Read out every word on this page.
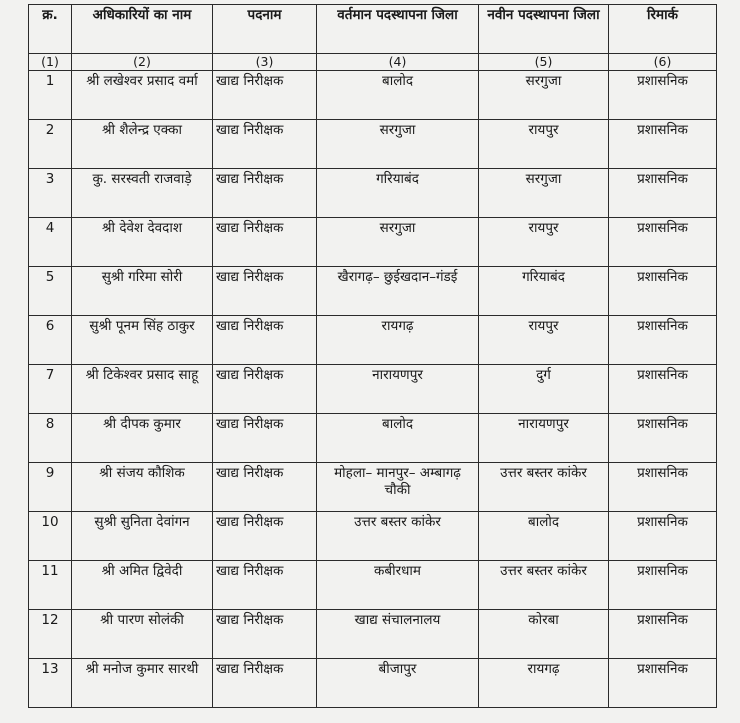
क्र.	अधिकारियों का नाम	पदनाम	वर्तमान पदस्थापना जिला	नवीन पदस्थापना जिला	रिमार्क
(1)	(2)	(3)	(4)	(5)	(6)
1	श्री लखेश्वर प्रसाद वर्मा	खाद्य निरीक्षक	बालोद	सरगुजा	प्रशासनिक
2	श्री शैलेन्द्र एक्का	खाद्य निरीक्षक	सरगुजा	रायपुर	प्रशासनिक
3	कु. सरस्वती राजवाड़े	खाद्य निरीक्षक	गरियाबंद	सरगुजा	प्रशासनिक
4	श्री देवेश देवदाश	खाद्य निरीक्षक	सरगुजा	रायपुर	प्रशासनिक
5	सुश्री गरिमा सोरी	खाद्य निरीक्षक	खैरागढ़– छुईखदान–गंडई	गरियाबंद	प्रशासनिक
6	सुश्री पूनम सिंह ठाकुर	खाद्य निरीक्षक	रायगढ़	रायपुर	प्रशासनिक
7	श्री टिकेश्वर प्रसाद साहू	खाद्य निरीक्षक	नारायणपुर	दुर्ग	प्रशासनिक
8	श्री दीपक कुमार	खाद्य निरीक्षक	बालोद	नारायणपुर	प्रशासनिक
9	श्री संजय कौशिक	खाद्य निरीक्षक	मोहला– मानपुर– अम्बागढ़ चौकी	उत्तर बस्तर कांकेर	प्रशासनिक
10	सुश्री सुनिता देवांगन	खाद्य निरीक्षक	उत्तर बस्तर कांकेर	बालोद	प्रशासनिक
11	श्री अमित द्विवेदी	खाद्य निरीक्षक	कबीरधाम	उत्तर बस्तर कांकेर	प्रशासनिक
12	श्री पारण सोलंकी	खाद्य निरीक्षक	खाद्य संचालनालय	कोरबा	प्रशासनिक
13	श्री मनोज कुमार सारथी	खाद्य निरीक्षक	बीजापुर	रायगढ़	प्रशासनिक
